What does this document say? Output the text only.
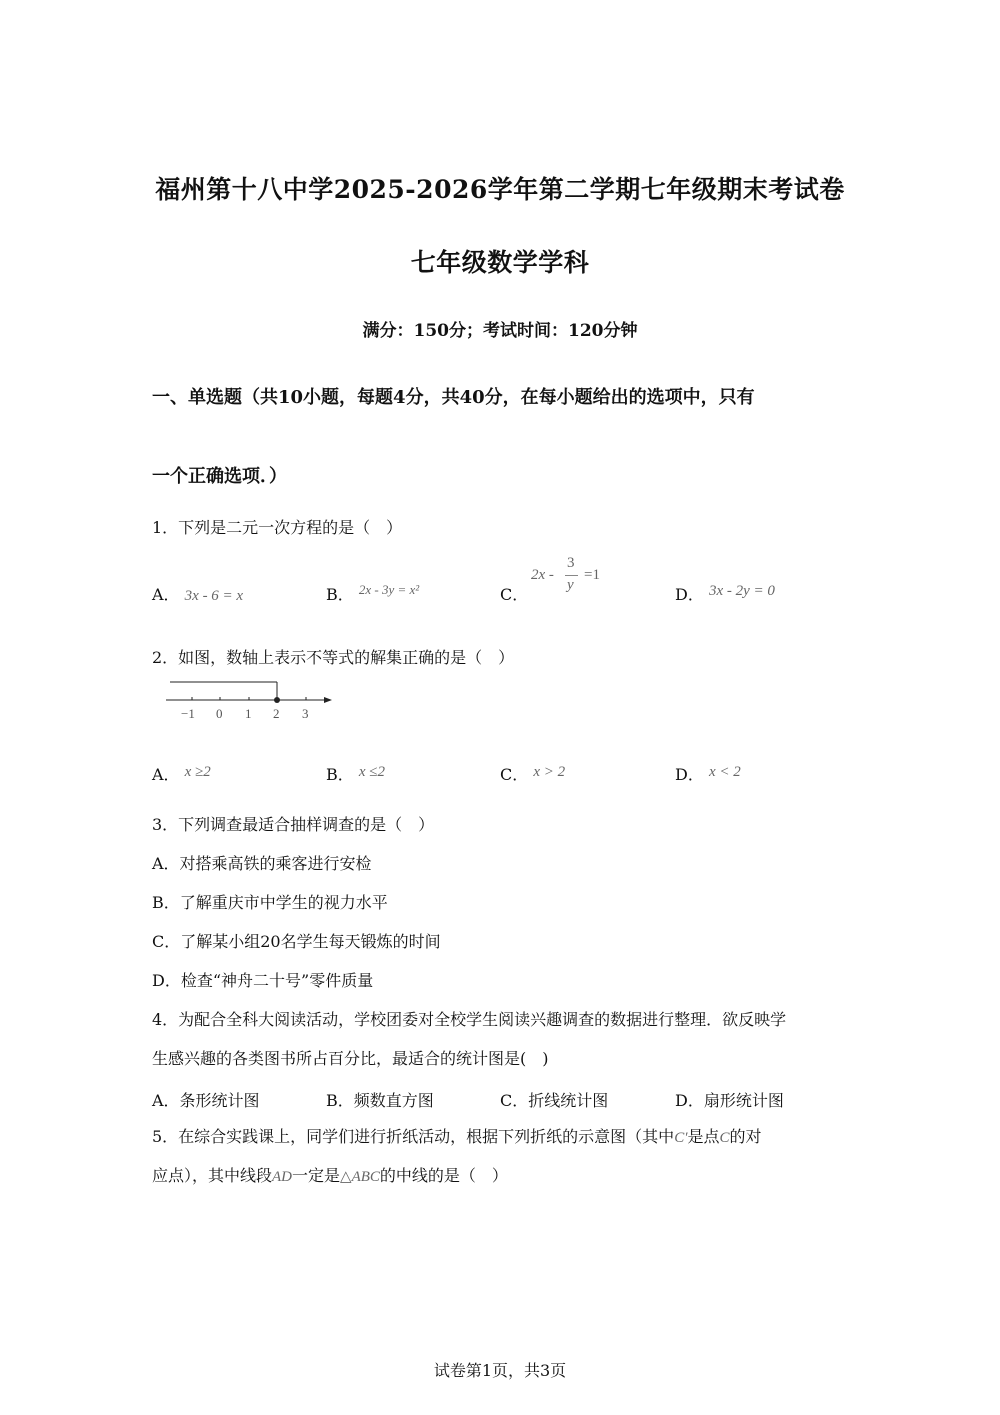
福州第十八中学2025-2026学年第二学期七年级期末考试卷
七年级数学学科
满分：150分；考试时间：120分钟
一、单选题（共10小题，每题4分，共40分，在每小题给出的选项中，只有
一个正确选项．）
1．下列是二元一次方程的是（　）
A． 3x - 6 = x	B． $^{2x - 3y = x^2}$	C．
2x -
3
y
=1
D． 3x - 2y = 0
2．如图，数轴上表示不等式的解集正确的是（　）
−1 0 1 2 3
A． x ≥2	B． x ≤2	C． x > 2	D． x < 2
3．下列调查最适合抽样调查的是（　）
A．对搭乘高铁的乘客进行安检
B．了解重庆市中学生的视力水平
C．了解某小组20名学生每天锻炼的时间
D．检查“神舟二十号”零件质量
4．为配合全科大阅读活动，学校团委对全校学生阅读兴趣调查的数据进行整理．欲反映学
生感兴趣的各类图书所占百分比，最适合的统计图是(　)
A．条形统计图	B．频数直方图	C．折线统计图	D．扇形统计图
5．在综合实践课上，同学们进行折纸活动，根据下列折纸的示意图（其中C′是点C的对
应点），其中线段AD一定是△ABC的中线的是（　）
试卷第1页，共3页
